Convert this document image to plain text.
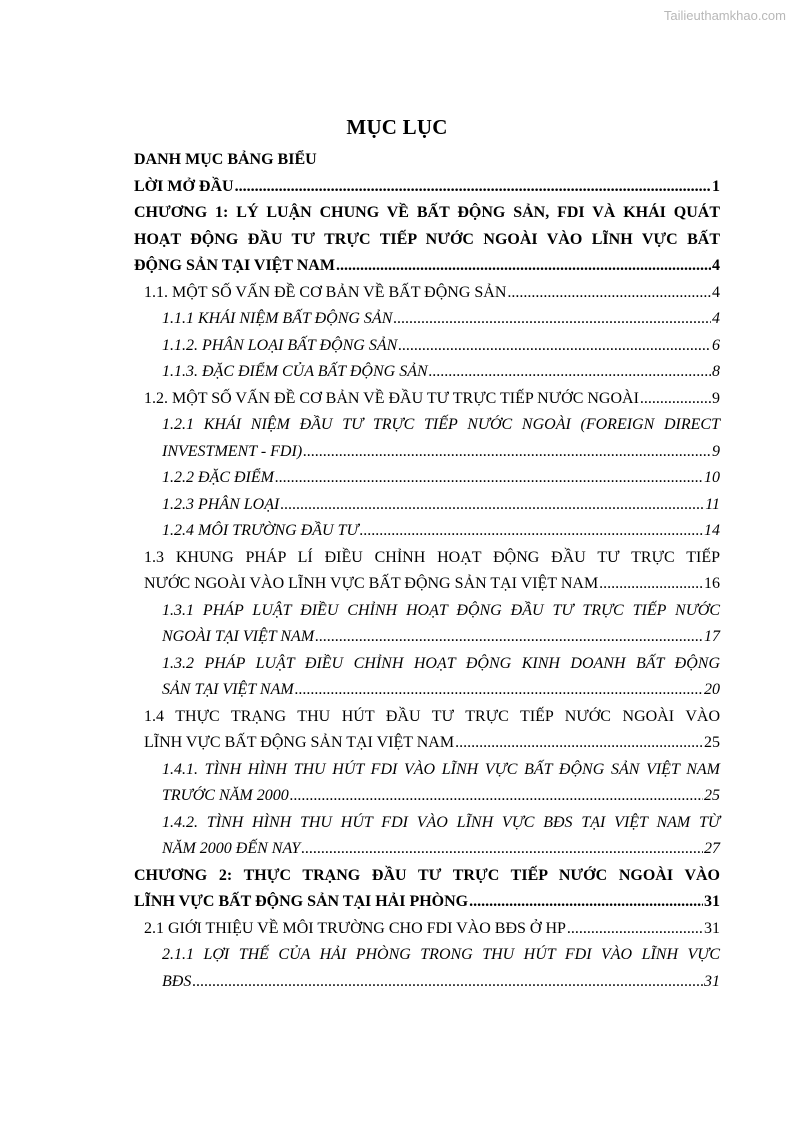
Tailieuthamkhao.com
MỤC LỤC
DANH MỤC BẢNG BIỂU
LỜI MỞ ĐẦU .....	1
CHƯƠNG 1: LÝ LUẬN CHUNG VỀ BẤT ĐỘNG SẢN, FDI VÀ KHÁI QUÁT
HOẠT ĐỘNG ĐẦU TƯ TRỰC TIẾP NƯỚC NGOÀI VÀO LĨNH VỰC BẤT
ĐỘNG SẢN TẠI VIỆT NAM .....	4
1.1. MỘT SỐ VẤN ĐỀ CƠ BẢN VỀ BẤT ĐỘNG SẢN .....	4
1.1.1 KHÁI NIỆM BẤT ĐỘNG SẢN .....	4
1.1.2. PHÂN LOẠI BẤT ĐỘNG SẢN .....	6
1.1.3. ĐẶC ĐIỂM CỦA BẤT ĐỘNG SẢN .....	8
1.2. MỘT SỐ VẤN ĐỀ CƠ BẢN VỀ ĐẦU TƯ TRỰC TIẾP NƯỚC NGOÀI .....	9
1.2.1 KHÁI NIỆM ĐẦU TƯ TRỰC TIẾP NƯỚC NGOÀI (FOREIGN DIRECT
INVESTMENT - FDI) .....	9
1.2.2 ĐẶC ĐIỂM .....	10
1.2.3 PHÂN LOẠI .....	11
1.2.4 MÔI TRƯỜNG ĐẦU TƯ .....	14
1.3 KHUNG PHÁP LÍ ĐIỀU CHỈNH HOẠT ĐỘNG ĐẦU TƯ TRỰC TIẾP
NƯỚC NGOÀI VÀO LĨNH VỰC BẤT ĐỘNG SẢN TẠI VIỆT NAM .....	16
1.3.1 PHÁP LUẬT ĐIỀU CHỈNH HOẠT ĐỘNG ĐẦU TƯ TRỰC TIẾP NƯỚC
NGOÀI TẠI VIỆT NAM .....	17
1.3.2 PHÁP LUẬT ĐIỀU CHỈNH HOẠT ĐỘNG KINH DOANH BẤT ĐỘNG
SẢN TẠI VIỆT NAM .....	20
1.4 THỰC TRẠNG THU HÚT ĐẦU TƯ TRỰC TIẾP NƯỚC NGOÀI VÀO
LĨNH VỰC BẤT ĐỘNG SẢN TẠI VIỆT NAM .....	25
1.4.1. TÌNH HÌNH THU HÚT FDI VÀO LĨNH VỰC BẤT ĐỘNG SẢN VIỆT NAM
TRƯỚC NĂM 2000 .....	25
1.4.2. TÌNH HÌNH THU HÚT FDI VÀO LĨNH VỰC BĐS TẠI VIỆT NAM TỪ
NĂM 2000 ĐẾN NAY .....	27
CHƯƠNG 2: THỰC TRẠNG ĐẦU TƯ TRỰC TIẾP NƯỚC NGOÀI VÀO
LĨNH VỰC BẤT ĐỘNG SẢN TẠI HẢI PHÒNG .....	31
2.1 GIỚI THIỆU VỀ MÔI TRƯỜNG CHO FDI VÀO BĐS Ở HP .....	31
2.1.1 LỢI THẾ CỦA HẢI PHÒNG TRONG THU HÚT FDI VÀO LĨNH VỰC
BĐS .....	31
